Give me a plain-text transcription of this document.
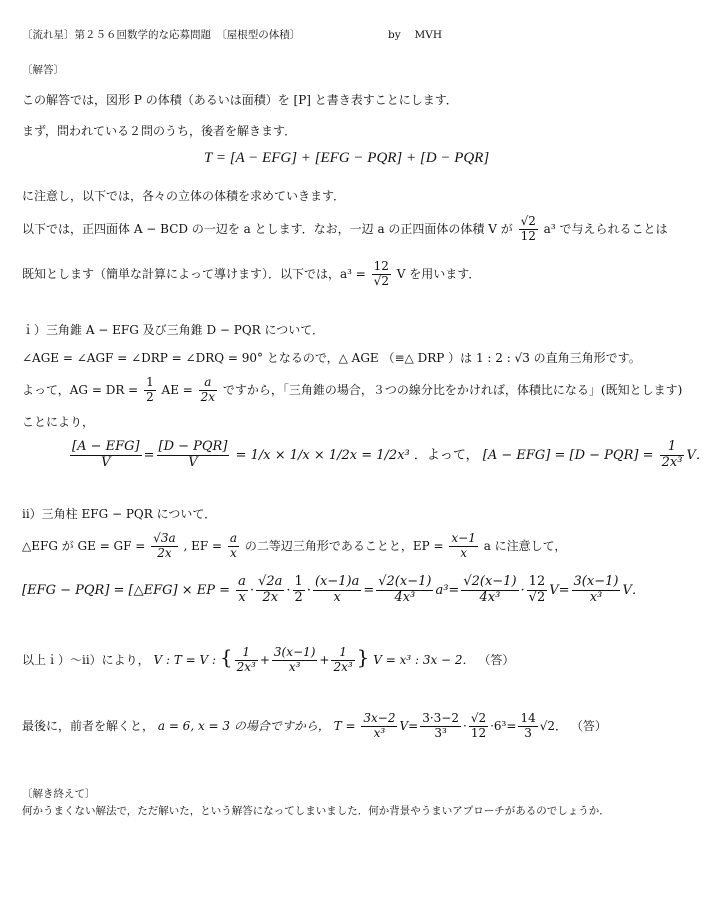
〔流れ星〕第２５６回数学的な応募問題　〔屋根型の体積〕	by　 MVH
〔解答〕
この解答では，図形 P の体積（あるいは面積）を [P] と書き表すことにします．
まず，問われている２問のうち，後者を解きます．
T = [A − EFG] + [EFG − PQR] + [D − PQR]
に注意し，以下では，各々の立体の体積を求めていきます．
以下では，正四面体 A − BCD の一辺を a とします．なお，一辺 a の正四面体の体積 V が $\frac{√2}{12} a^3$ で与えられることは
既知とします（簡単な計算によって導けます）．以下では，$a^3 = \frac{12}{√2}$ V を用います．
ｉ）三角錐 A − EFG 及び三角錐 D − PQR について．
∠AGE = ∠AGF = ∠DRP = ∠DRQ = 90° となるので，△ AGE （≡△ DRP ）は 1 : 2 : √3 の直角三角形です。
よって，AG = DR = $\frac{1}{2}$ AE = $\frac{a}{2x}$ ですから，「三角錐の場合，３つの線分比をかければ，体積比になる」(既知とします)
ことにより，
$\frac{\text{[A − EFG]}}{V} = \frac{\text{[D − PQR]}}{V} = 1/x \times 1/x \times 1/2x = 1/2x^3$ ．よって， $[A - EFG] = [D - PQR] = \frac{1}{\text{2x³}}$ V．
ii）三角柱 EFG − PQR について．
△EFG が GE = GF = $\frac{√3a}{2x}$ , EF = $\frac{a}{x}$ の二等辺三角形であることと，EP = $\frac{x-1}{x}$ a に注意して，
[EFG − PQR] = [△EFG] × EP = $\frac{a}{x} \cdot \frac{√2a}{2x} \cdot \frac{1}{2} \cdot \frac{(x-1)a}{x} = \frac{√2(x-1)}{\text{4x³}} a^3= \frac{√2(x-1)}{\text{4x³}} \cdot \frac{12}{√2} V= \frac{3(x-1)}{\text{x³}}$ V．
以上ｉ）〜ii）により， V : T = V : { $\frac{1}{\text{2x³}} + \frac{3(x-1)}{\text{x³}} + \frac{1}{\text{2x³}}$ } V = x³ : 3x − 2． （答）
最後に，前者を解くと， a = 6, x = 3 の場合ですから， $T = \frac{3x-2}{\text{x³}} V= \frac{3\cdot 3-2}{\text{3³}} \cdot \frac{√2}{12} \cdot 6^3= \frac{14}{3} √2$． （答）
〔解き終えて〕
何かうまくない解法で，ただ解いた，という解答になってしまいました．何か背景やうまいアプローチがあるのでしょうか．
